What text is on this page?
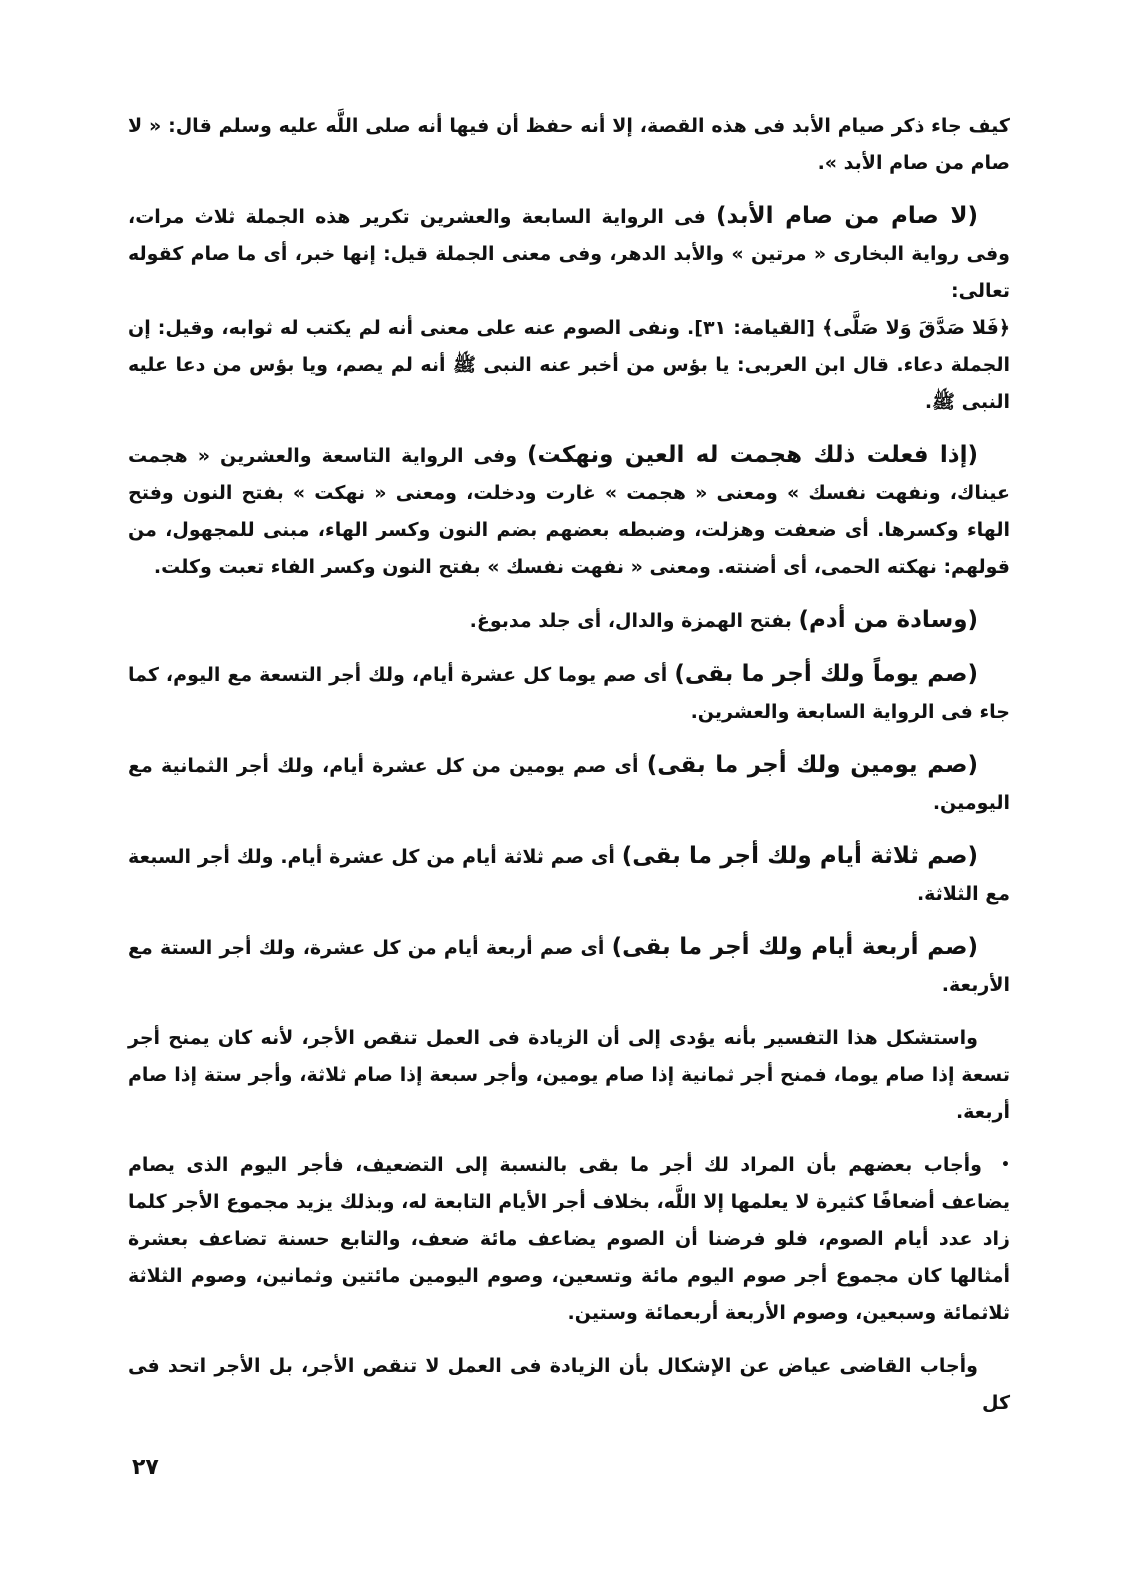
كيف جاء ذكر صيام الأبد فى هذه القصة، إلا أنه حفظ أن فيها أنه صلى اللَّه عليه وسلم قال: « لا صام من صام الأبد ».

(لا صام من صام الأبد) فى الرواية السابعة والعشرين تكرير هذه الجملة ثلاث مرات، وفى رواية البخارى « مرتين » والأبد الدهر، وفى معنى الجملة قيل: إنها خبر، أى ما صام كقوله تعالى:
﴿فَلا صَدَّقَ وَلا صَلَّى﴾ [القيامة: ٣١]. ونفى الصوم عنه على معنى أنه لم يكتب له ثوابه، وقيل: إن الجملة دعاء. قال ابن العربى: يا بؤس من أخبر عنه النبى ﷺ أنه لم يصم، ويا بؤس من دعا عليه النبى ﷺ.

(إذا فعلت ذلك هجمت له العين ونهكت) وفى الرواية التاسعة والعشرين « هجمت عيناك، ونفهت نفسك » ومعنى « هجمت » غارت ودخلت، ومعنى « نهكت » بفتح النون وفتح الهاء وكسرها. أى ضعفت وهزلت، وضبطه بعضهم بضم النون وكسر الهاء، مبنى للمجهول، من قولهم: نهكته الحمى، أى أضنته. ومعنى « نفهت نفسك » بفتح النون وكسر الفاء تعبت وكلت.

(وسادة من أدم) بفتح الهمزة والدال، أى جلد مدبوغ.

(صم يوماً ولك أجر ما بقى) أى صم يوما كل عشرة أيام، ولك أجر التسعة مع اليوم، كما جاء فى الرواية السابعة والعشرين.

(صم يومين ولك أجر ما بقى) أى صم يومين من كل عشرة أيام، ولك أجر الثمانية مع اليومين.

(صم ثلاثة أيام ولك أجر ما بقى) أى صم ثلاثة أيام من كل عشرة أيام. ولك أجر السبعة مع الثلاثة.

(صم أربعة أيام ولك أجر ما بقى) أى صم أربعة أيام من كل عشرة، ولك أجر الستة مع الأربعة.

واستشكل هذا التفسير بأنه يؤدى إلى أن الزيادة فى العمل تنقص الأجر، لأنه كان يمنح أجر تسعة إذا صام يوما، فمنح أجر ثمانية إذا صام يومين، وأجر سبعة إذا صام ثلاثة، وأجر ستة إذا صام أربعة.

•وأجاب بعضهم بأن المراد لك أجر ما بقى بالنسبة إلى التضعيف، فأجر اليوم الذى يصام يضاعف أضعافًا كثيرة لا يعلمها إلا اللَّه، بخلاف أجر الأيام التابعة له، وبذلك يزيد مجموع الأجر كلما زاد عدد أيام الصوم، فلو فرضنا أن الصوم يضاعف مائة ضعف، والتابع حسنة تضاعف بعشرة أمثالها كان مجموع أجر صوم اليوم مائة وتسعين، وصوم اليومين مائتين وثمانين، وصوم الثلاثة ثلاثمائة وسبعين، وصوم الأربعة أربعمائة وستين.

وأجاب القاضى عياض عن الإشكال بأن الزيادة فى العمل لا تنقص الأجر، بل الأجر اتحد فى كل

٢٧
